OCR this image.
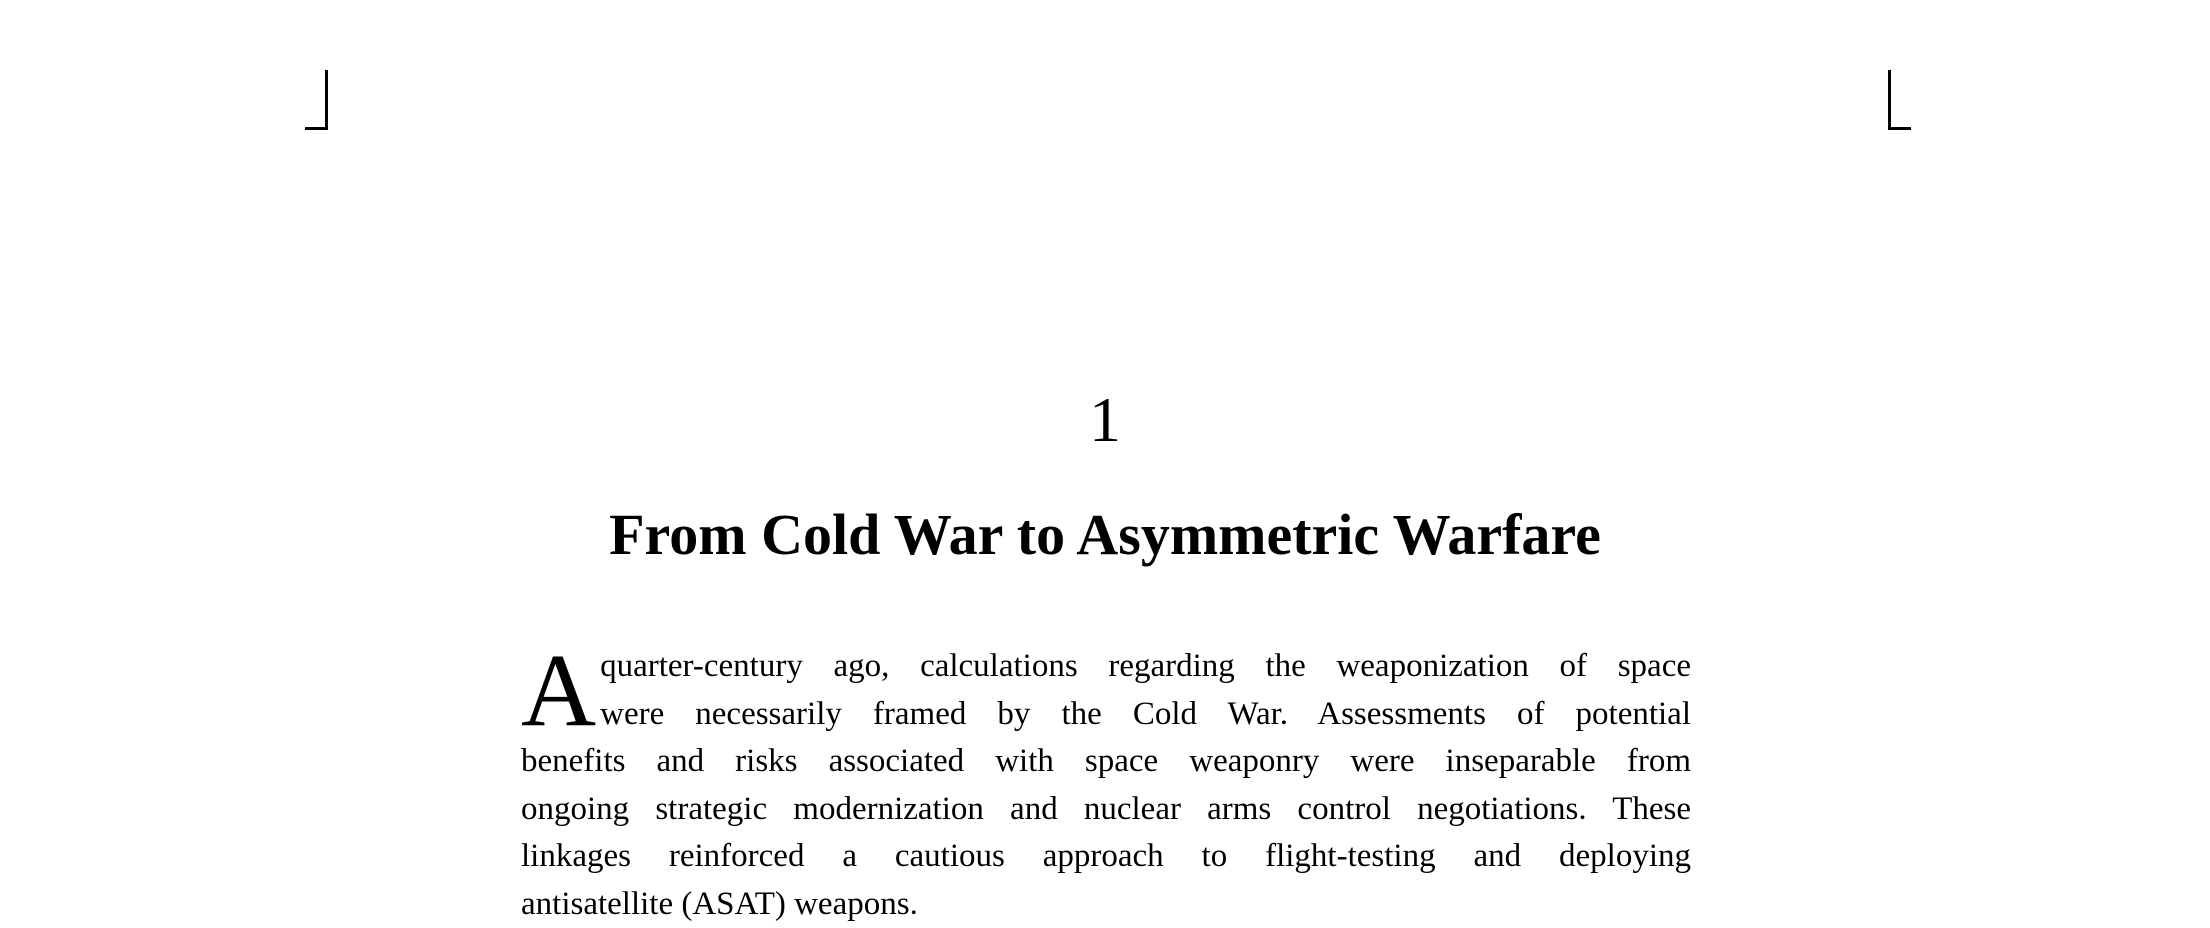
1
From Cold War to Asymmetric Warfare
A quarter-century ago, calculations regarding the weaponization of space
were necessarily framed by the Cold War. Assessments of potential
benefits and risks associated with space weaponry were inseparable from
ongoing strategic modernization and nuclear arms control negotiations. These
linkages reinforced a cautious approach to flight-testing and deploying
antisatellite (ASAT) weapons.
